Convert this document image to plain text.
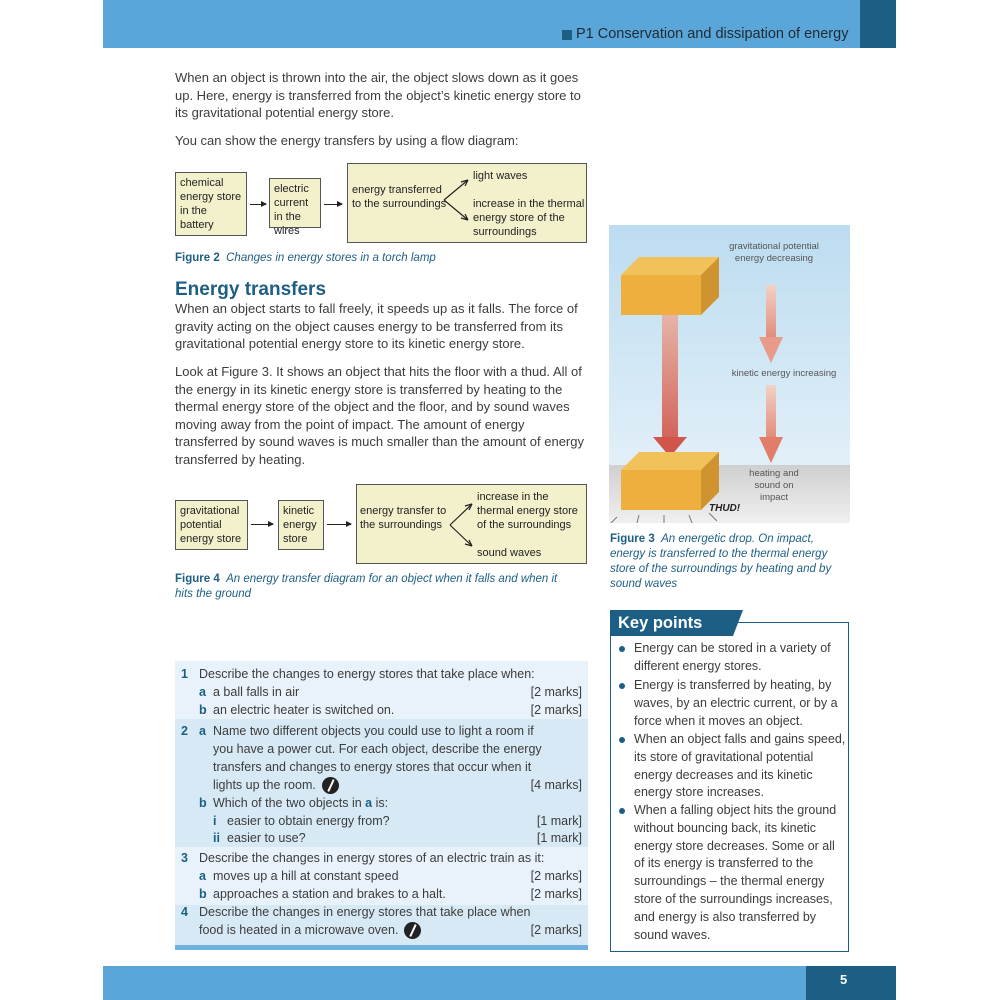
P1 Conservation and dissipation of energy
When an object is thrown into the air, the object slows down as it goes up. Here, energy is transferred from the object’s kinetic energy store to its gravitational potential energy store.
You can show the energy transfers by using a flow diagram:
chemical energy store in the battery
electric current in the wires
energy transferred to the surroundings
light waves
increase in the thermal energy store of the surroundings
Figure 2 Changes in energy stores in a torch lamp
Energy transfers
When an object starts to fall freely, it speeds up as it falls. The force of gravity acting on the object causes energy to be transferred from its gravitational potential energy store to its kinetic energy store.
Look at Figure 3. It shows an object that hits the floor with a thud. All of the energy in its kinetic energy store is transferred by heating to the thermal energy store of the object and the floor, and by sound waves moving away from the point of impact. The amount of energy transferred by sound waves is much smaller than the amount of energy transferred by heating.
gravitational potential energy store
kinetic energy store
energy transfer to the surroundings
increase in the thermal energy store of the surroundings
sound waves
Figure 4 An energy transfer diagram for an object when it falls and when it hits the ground
gravitational potential energy decreasing
kinetic energy increasing
heating and sound on impact
THUD!
Figure 3 An energetic drop. On impact, energy is transferred to the thermal energy store of the surroundings by heating and by sound waves
1 Describe the changes to energy stores that take place when:
a a ball falls in air	[2 marks]
b an electric heater is switched on.	[2 marks]
2 a Name two different objects you could use to light a room if
you have a power cut. For each object, describe the energy
transfers and changes to energy stores that occur when it
lights up the room.	[4 marks]
b Which of the two objects in a is:
i easier to obtain energy from?	[1 mark]
ii easier to use?	[1 mark]
3 Describe the changes in energy stores of an electric train as it:
a moves up a hill at constant speed	[2 marks]
b approaches a station and brakes to a halt.	[2 marks]
4 Describe the changes in energy stores that take place when
food is heated in a microwave oven.	[2 marks]
Key points
Energy can be stored in a variety of different energy stores.
Energy is transferred by heating, by waves, by an electric current, or by a force when it moves an object.
When an object falls and gains speed, its store of gravitational potential energy decreases and its kinetic energy store increases.
When a falling object hits the ground without bouncing back, its kinetic energy store decreases. Some or all of its energy is transferred to the surroundings – the thermal energy store of the surroundings increases, and energy is also transferred by sound waves.
5
